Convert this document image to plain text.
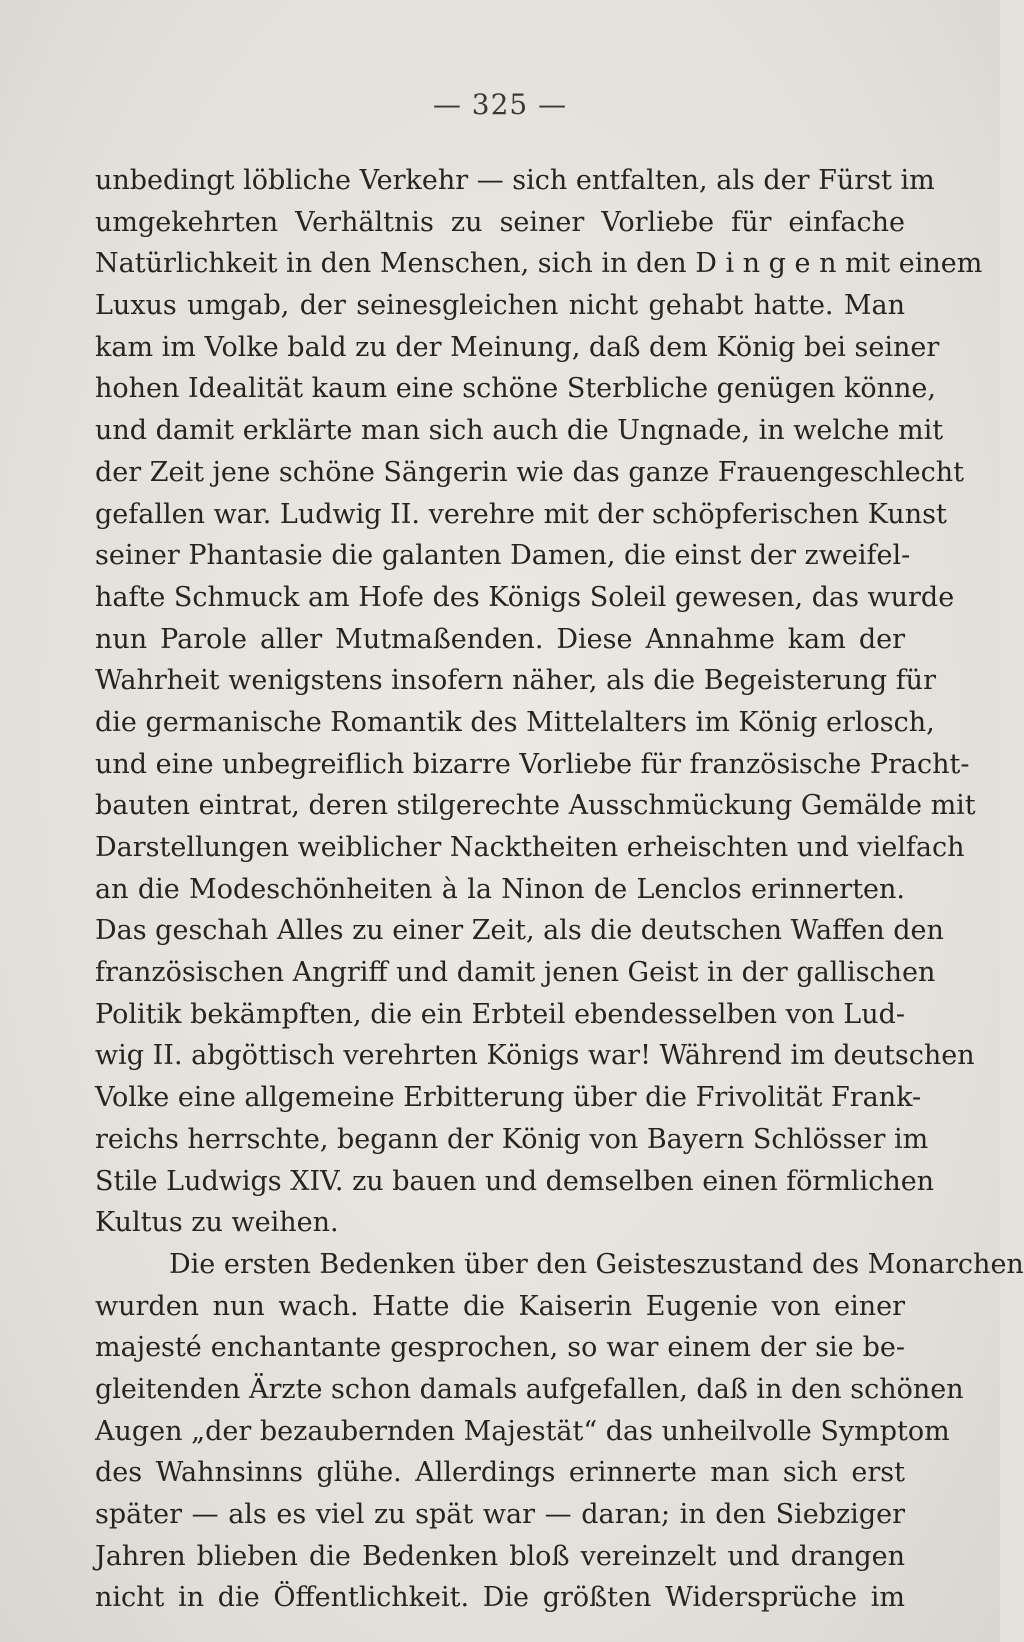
— 325 —
unbedingt löbliche Verkehr — sich entfalten, als der Fürst im
umgekehrten Verhältnis zu seiner Vorliebe für einfache
Natürlichkeit in den Menschen, sich in den D i n g e n mit einem
Luxus umgab, der seinesgleichen nicht gehabt hatte. Man
kam im Volke bald zu der Meinung, daß dem König bei seiner
hohen Idealität kaum eine schöne Sterbliche genügen könne,
und damit erklärte man sich auch die Ungnade, in welche mit
der Zeit jene schöne Sängerin wie das ganze Frauengeschlecht
gefallen war. Ludwig II. verehre mit der schöpferischen Kunst
seiner Phantasie die galanten Damen, die einst der zweifel-
hafte Schmuck am Hofe des Königs Soleil gewesen, das wurde
nun Parole aller Mutmaßenden. Diese Annahme kam der
Wahrheit wenigstens insofern näher, als die Begeisterung für
die germanische Romantik des Mittelalters im König erlosch,
und eine unbegreiflich bizarre Vorliebe für französische Pracht-
bauten eintrat, deren stilgerechte Ausschmückung Gemälde mit
Darstellungen weiblicher Nacktheiten erheischten und vielfach
an die Modeschönheiten à la Ninon de Lenclos erinnerten.
Das geschah Alles zu einer Zeit, als die deutschen Waffen den
französischen Angriff und damit jenen Geist in der gallischen
Politik bekämpften, die ein Erbteil ebendesselben von Lud-
wig II. abgöttisch verehrten Königs war! Während im deutschen
Volke eine allgemeine Erbitterung über die Frivolität Frank-
reichs herrschte, begann der König von Bayern Schlösser im
Stile Ludwigs XIV. zu bauen und demselben einen förmlichen
Kultus zu weihen.
Die ersten Bedenken über den Geisteszustand des Monarchen
wurden nun wach. Hatte die Kaiserin Eugenie von einer
majesté enchantante gesprochen, so war einem der sie be-
gleitenden Ärzte schon damals aufgefallen, daß in den schönen
Augen „der bezaubernden Majestät“ das unheilvolle Symptom
des Wahnsinns glühe. Allerdings erinnerte man sich erst
später — als es viel zu spät war — daran; in den Siebziger
Jahren blieben die Bedenken bloß vereinzelt und drangen
nicht in die Öffentlichkeit. Die größten Widersprüche im
